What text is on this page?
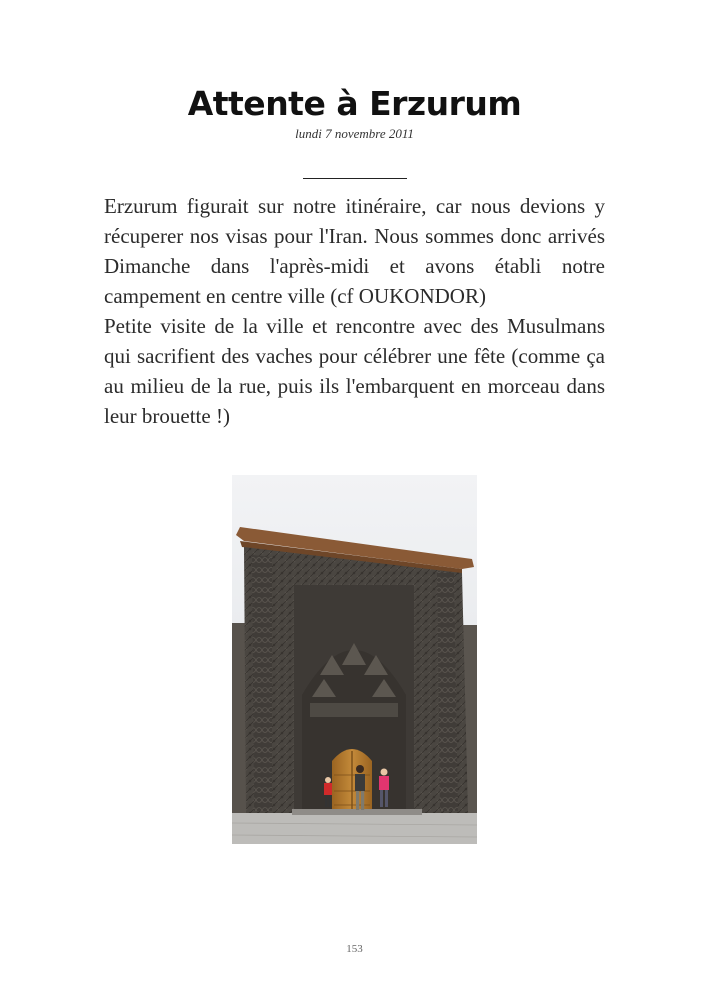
Attente à Erzurum
lundi 7 novembre 2011

Erzurum figurait sur notre itinéraire, car nous devions y récuperer nos visas pour l'Iran. Nous sommes donc arrivés Dimanche dans l'après-midi et avons établi notre campement en centre ville (cf OUKONDOR)

Petite visite de la ville et rencontre avec des Musulmans qui sacrifient des vaches pour célébrer une fête (comme ça au milieu de la rue, puis ils l'embarquent en morceau dans leur brouette !)

153
